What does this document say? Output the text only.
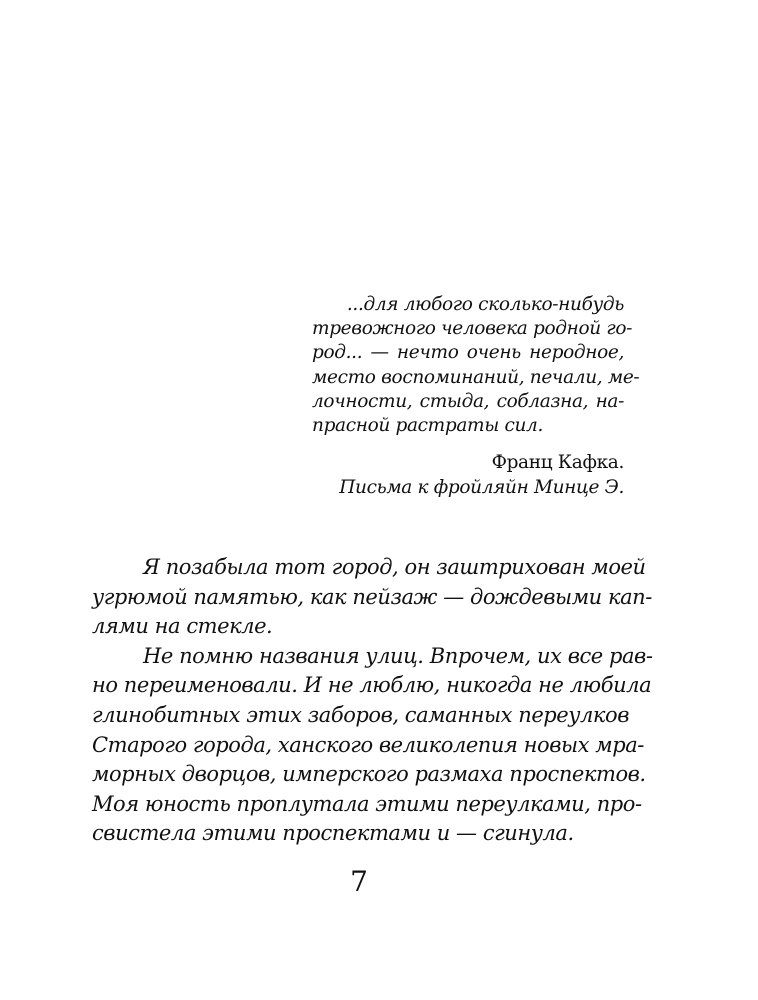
...для любого сколько-нибудь
тревожного человека родной го-
род... — нечто очень неродное,
место воспоминаний, печали, ме-
лочности, стыда, соблазна, на-
прасной растраты сил.
Франц Кафка.
Письма к фройляйн Минце Э.
Я позабыла тот город, он заштрихован моей
угрюмой памятью, как пейзаж — дождевыми кап-
лями на стекле.
Не помню названия улиц. Впрочем, их все рав-
но переименовали. И не люблю, никогда не любила
глинобитных этих заборов, саманных переулков
Старого города, ханского великолепия новых мра-
морных дворцов, имперского размаха проспектов.
Моя юность проплутала этими переулками, про-
свистела этими проспектами и — сгинула.
7
